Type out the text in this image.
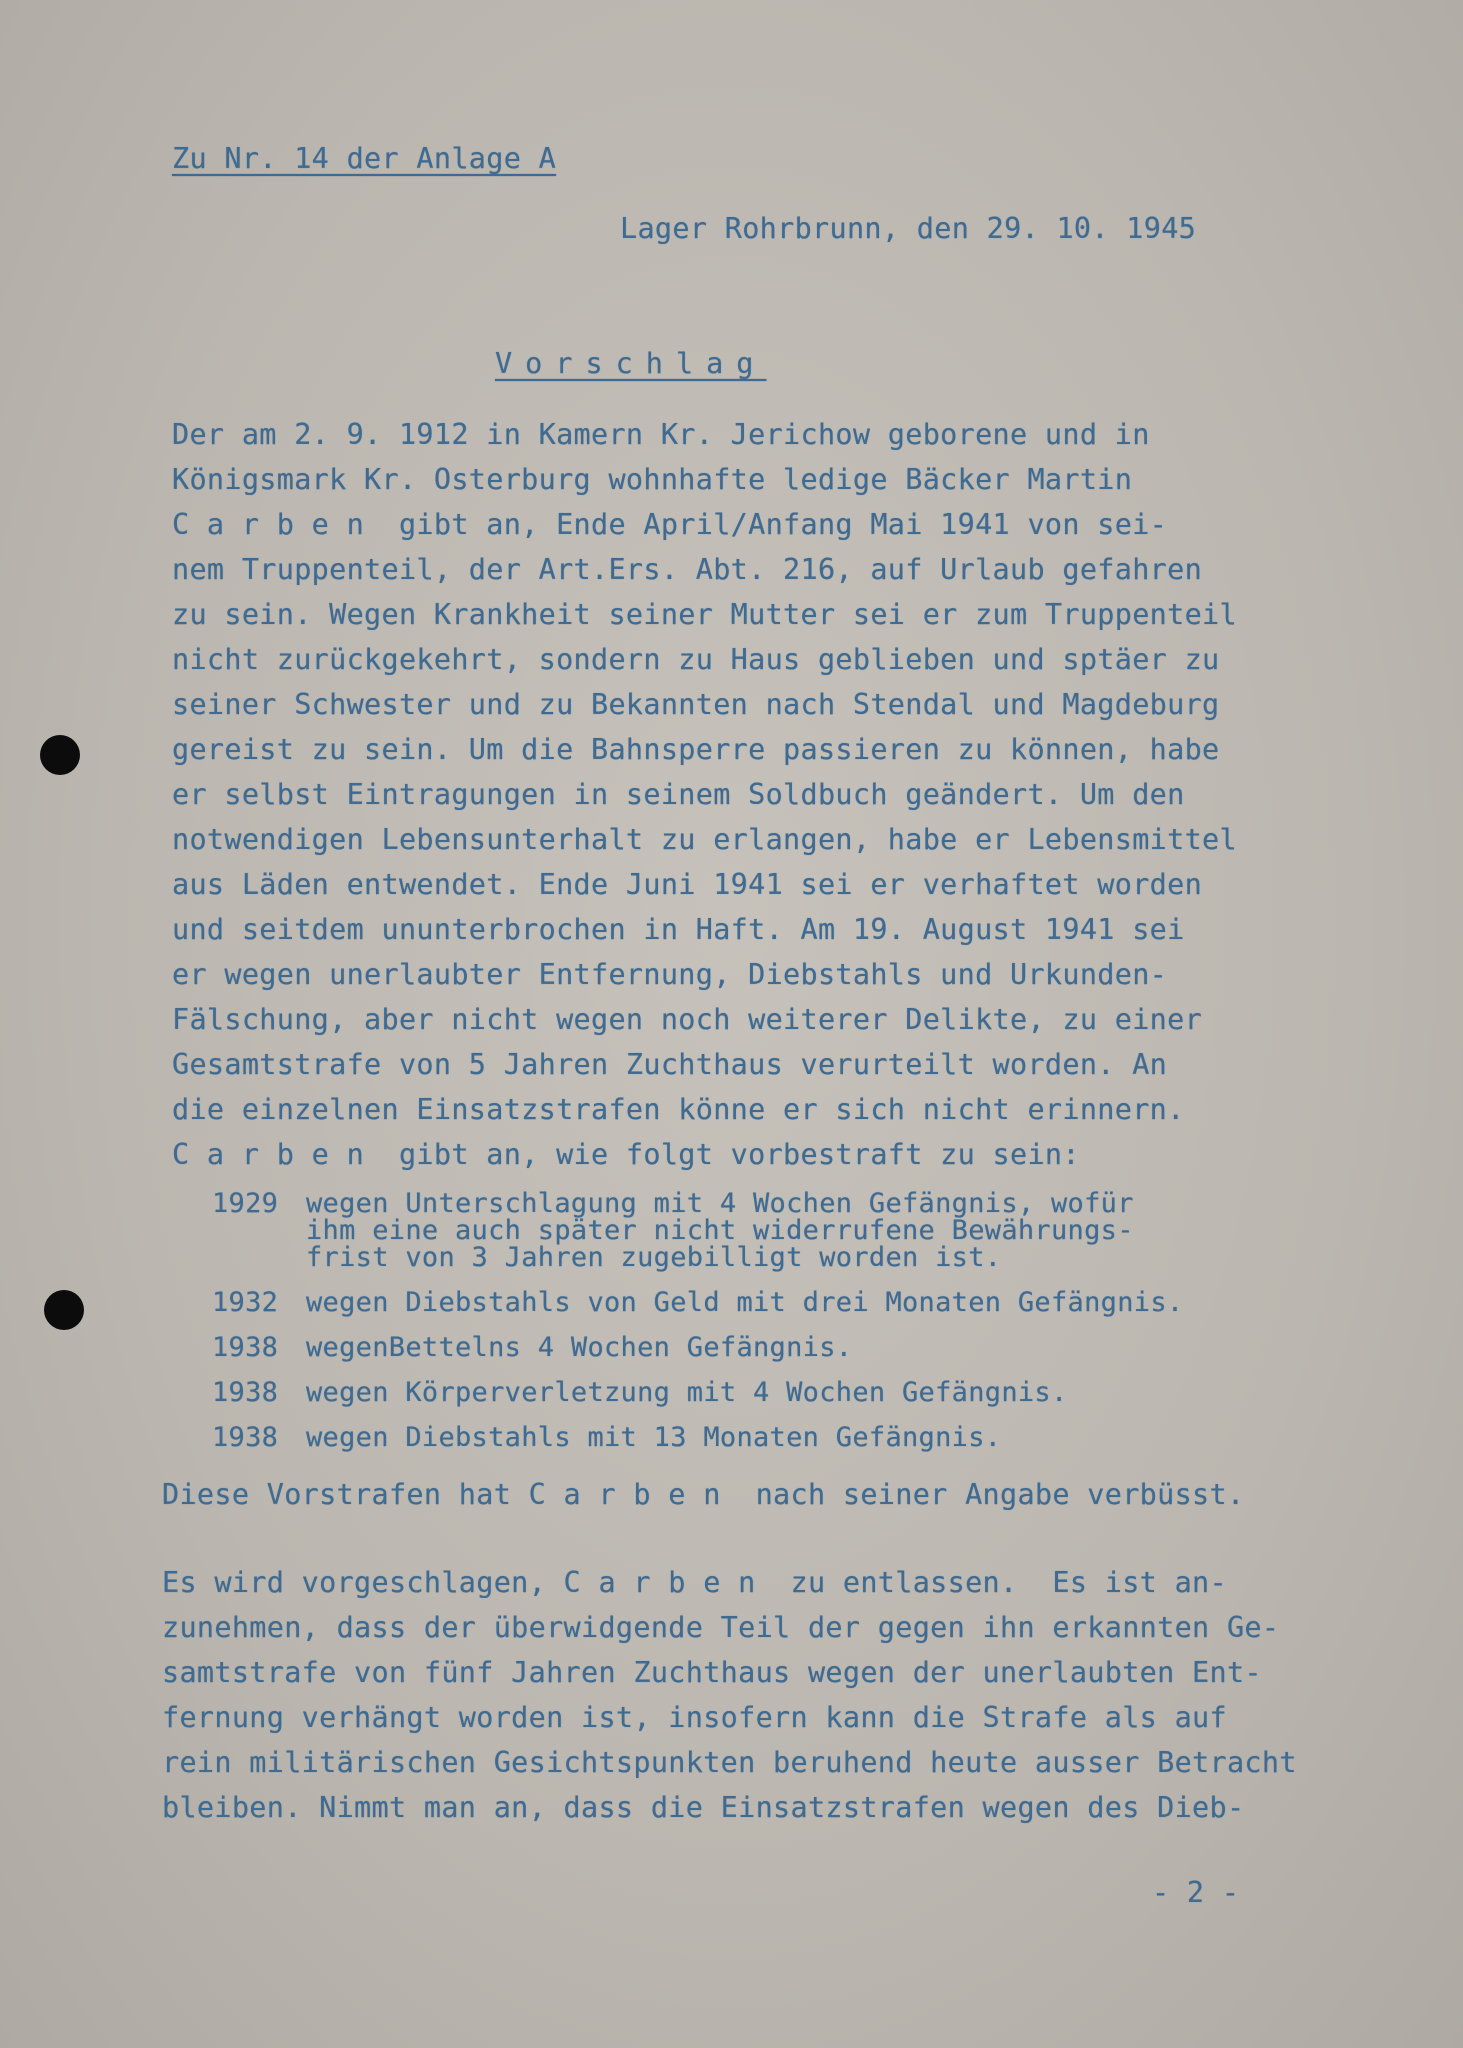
Zu Nr. 14 der Anlage A
Lager Rohrbrunn, den 29. 10. 1945
Vorschlag
Der am 2. 9. 1912 in Kamern Kr. Jerichow geborene und in
Königsmark Kr. Osterburg wohnhafte ledige Bäcker Martin
C a r b e n  gibt an, Ende April/Anfang Mai 1941 von sei-
nem Truppenteil, der Art.Ers. Abt. 216, auf Urlaub gefahren
zu sein. Wegen Krankheit seiner Mutter sei er zum Truppenteil
nicht zurückgekehrt, sondern zu Haus geblieben und sptäer zu
seiner Schwester und zu Bekannten nach Stendal und Magdeburg
gereist zu sein. Um die Bahnsperre passieren zu können, habe
er selbst Eintragungen in seinem Soldbuch geändert. Um den
notwendigen Lebensunterhalt zu erlangen, habe er Lebensmittel
aus Läden entwendet. Ende Juni 1941 sei er verhaftet worden
und seitdem ununterbrochen in Haft. Am 19. August 1941 sei
er wegen unerlaubter Entfernung, Diebstahls und Urkunden-
Fälschung, aber nicht wegen noch weiterer Delikte, zu einer
Gesamtstrafe von 5 Jahren Zuchthaus verurteilt worden. An
die einzelnen Einsatzstrafen könne er sich nicht erinnern.
C a r b e n  gibt an, wie folgt vorbestraft zu sein:
1929 wegen Unterschlagung mit 4 Wochen Gefängnis, wofür
ihm eine auch später nicht widerrufene Bewährungs-
frist von 3 Jahren zugebilligt worden ist.
1932 wegen Diebstahls von Geld mit drei Monaten Gefängnis.
1938 wegenBettelns 4 Wochen Gefängnis.
1938 wegen Körperverletzung mit 4 Wochen Gefängnis.
1938 wegen Diebstahls mit 13 Monaten Gefängnis.
Diese Vorstrafen hat C a r b e n  nach seiner Angabe verbüsst.
Es wird vorgeschlagen, C a r b e n  zu entlassen.  Es ist an-
zunehmen, dass der überwidgende Teil der gegen ihn erkannten Ge-
samtstrafe von fünf Jahren Zuchthaus wegen der unerlaubten Ent-
fernung verhängt worden ist, insofern kann die Strafe als auf
rein militärischen Gesichtspunkten beruhend heute ausser Betracht
bleiben. Nimmt man an, dass die Einsatzstrafen wegen des Dieb-
- 2 -
